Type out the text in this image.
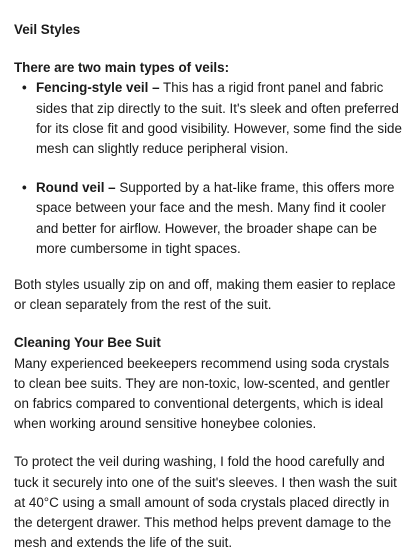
Veil Styles

There are two main types of veils:

• Fencing-style veil – This has a rigid front panel and fabric sides that zip directly to the suit. It's sleek and often preferred for its close fit and good visibility. However, some find the side mesh can slightly reduce peripheral vision.
• Round veil – Supported by a hat-like frame, this offers more space between your face and the mesh. Many find it cooler and better for airflow. However, the broader shape can be more cumbersome in tight spaces.

Both styles usually zip on and off, making them easier to replace or clean separately from the rest of the suit.

Cleaning Your Bee Suit

Many experienced beekeepers recommend using soda crystals to clean bee suits. They are non-toxic, low-scented, and gentler on fabrics compared to conventional detergents, which is ideal when working around sensitive honeybee colonies.

To protect the veil during washing, I fold the hood carefully and tuck it securely into one of the suit's sleeves. I then wash the suit at 40°C using a small amount of soda crystals placed directly in the detergent drawer. This method helps prevent damage to the mesh and extends the life of the suit.
